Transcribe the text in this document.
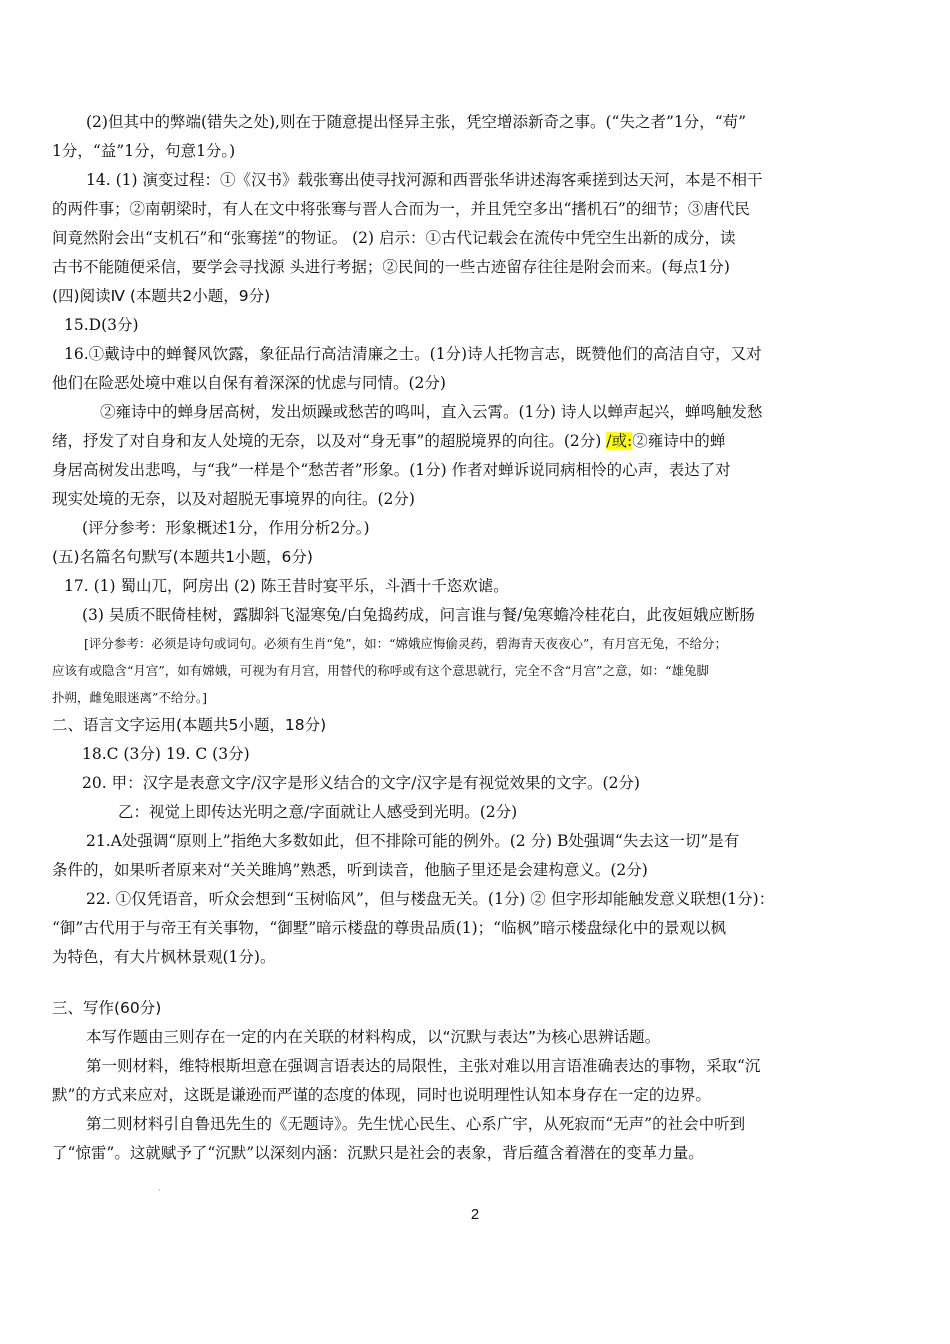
(2)但其中的弊端(错失之处),则在于随意提出怪异主张，凭空增添新奇之事。(“失之者”1分，“苟”

1分，“益”1分，句意1分。)

14. (1) 演变过程：①《汉书》载张骞出使寻找河源和西晋张华讲述海客乘搓到达天河，本是不相干

的两件事；②南朝梁时，有人在文中将张骞与晋人合而为一，并且凭空多出“搘机石”的细节；③唐代民

间竟然附会出“支机石”和“张骞搓”的物证。 (2) 启示：①古代记载会在流传中凭空生出新的成分，读

古书不能随便采信，要学会寻找源 头进行考据；②民间的一些古迹留存往往是附会而来。(每点1分)

(四)阅读Ⅳ (本题共2小题，9分)

15.D(3分)

16.①戴诗中的蝉餐风饮露，象征品行高洁清廉之士。(1分)诗人托物言志，既赞他们的高洁自守，又对

他们在险恶处境中难以自保有着深深的忧虑与同情。(2分)

②雍诗中的蝉身居高树，发出烦躁或愁苦的鸣叫，直入云霄。(1分) 诗人以蝉声起兴，蝉鸣触发愁

绪，抒发了对自身和友人处境的无奈，以及对“身无事”的超脱境界的向往。(2分) /或:②雍诗中的蝉

身居高树发出悲鸣，与“我”一样是个“愁苦者”形象。(1分) 作者对蝉诉说同病相怜的心声，表达了对

现实处境的无奈，以及对超脱无事境界的向往。(2分)

(评分参考：形象概述1分，作用分析2分。)

(五)名篇名句默写(本题共1小题，6分)

17. (1) 蜀山兀，阿房出 (2) 陈王昔时宴平乐，斗酒十千恣欢谑。

(3) 吴质不眠倚桂树，露脚斜飞湿寒兔/白兔捣药成，问言谁与餐/兔寒蟾冷桂花白，此夜姮娥应断肠

[评分参考：必须是诗句或词句。必须有生肖“兔”，如：“嫦娥应悔偷灵药，碧海青天夜夜心”，有月宫无兔，不给分；

应该有或隐含“月宫”，如有嫦娥，可视为有月宫，用替代的称呼或有这个意思就行，完全不含“月宫”之意，如：“雄兔脚

扑朔，雌兔眼迷离”不给分。]

二、语言文字运用(本题共5小题，18分)

18.C (3分) 19. C (3分)

20. 甲：汉字是表意文字/汉字是形义结合的文字/汉字是有视觉效果的文字。(2分)

乙：视觉上即传达光明之意/字面就让人感受到光明。(2分)

21.A处强调“原则上”指绝大多数如此，但不排除可能的例外。(2 分) B处强调“失去这一切”是有

条件的，如果听者原来对“关关雎鸠”熟悉，听到读音，他脑子里还是会建构意义。(2分)

22. ①仅凭语音，听众会想到“玉树临风”，但与楼盘无关。(1分) ② 但字形却能触发意义联想(1分)：

“御”古代用于与帝王有关事物，“御墅”暗示楼盘的尊贵品质(1)；“临枫”暗示楼盘绿化中的景观以枫

为特色，有大片枫林景观(1分)。

三、写作(60分)

本写作题由三则存在一定的内在关联的材料构成，以“沉默与表达”为核心思辨话题。

第一则材料，维特根斯坦意在强调言语表达的局限性，主张对难以用言语准确表达的事物，采取“沉

默”的方式来应对，这既是谦逊而严谨的态度的体现，同时也说明理性认知本身存在一定的边界。

第二则材料引自鲁迅先生的《无题诗》。先生忧心民生、心系广宇，从死寂而“无声”的社会中听到

了“惊雷”。这就赋予了“沉默”以深刻内涵：沉默只是社会的表象，背后蕴含着潜在的变革力量。

·
2
